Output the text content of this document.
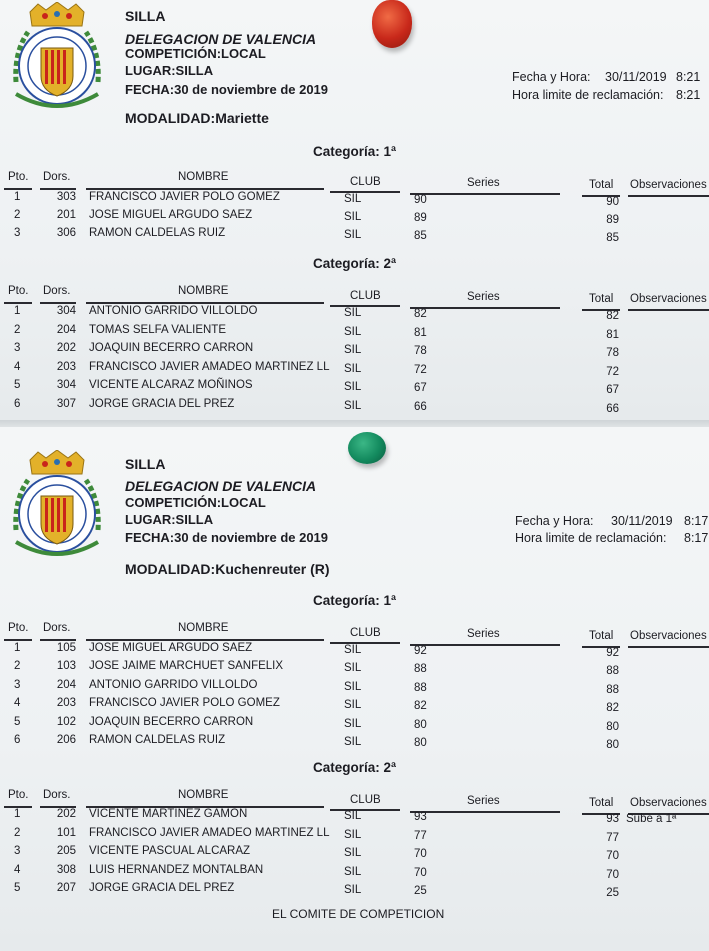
SILLA
DELEGACION DE VALENCIA
COMPETICIÓN:LOCAL
LUGAR:SILLA
FECHA:30 de noviembre de 2019
MODALIDAD:Mariette
Fecha y Hora: 30/11/2019 8:21
Hora limite de reclamación: 8:21
Categoría: 1ª
Pto. Dors.	NOMBRE	CLUB	Series	Total Observaciones
1	303 FRANCISCO JAVIER POLO GOMEZ	SIL	90	90
2	201 JOSE MIGUEL ARGUDO SAEZ	SIL	89	89
3	306 RAMON CALDELAS RUIZ	SIL	85	85
Categoría: 2ª
Pto. Dors.	NOMBRE	CLUB	Series	Total Observaciones
1	304 ANTONIO GARRIDO VILLOLDO	SIL	82	82
2	204 TOMAS SELFA VALIENTE	SIL	81	81
3	202 JOAQUIN BECERRO CARRON	SIL	78	78
4	203 FRANCISCO JAVIER AMADEO MARTINEZ LL SIL	72	72
5	304 VICENTE ALCARAZ MOÑINOS	SIL	67	67
6	307 JORGE GRACIA DEL PREZ	SIL	66	66
SILLA
DELEGACION DE VALENCIA
COMPETICIÓN:LOCAL
LUGAR:SILLA
FECHA:30 de noviembre de 2019
MODALIDAD:Kuchenreuter (R)
Fecha y Hora: 30/11/2019 8:17
Hora limite de reclamación: 8:17
Categoría: 1ª
Pto. Dors.	NOMBRE	CLUB	Series	Total Observaciones
1	105 JOSE MIGUEL ARGUDO SAEZ	SIL	92	92
2	103 JOSE JAIME MARCHUET SANFELIX	SIL	88	88
3	204 ANTONIO GARRIDO VILLOLDO	SIL	88	88
4	203 FRANCISCO JAVIER POLO GOMEZ	SIL	82	82
5	102 JOAQUIN BECERRO CARRON	SIL	80	80
6	206 RAMON CALDELAS RUIZ	SIL	80	80
Categoría: 2ª
Pto. Dors.	NOMBRE	CLUB	Series	Total Observaciones
1	202 VICENTE MARTINEZ GAMON	SIL	93	93 Sube a 1ª
2	101 FRANCISCO JAVIER AMADEO MARTINEZ LL SIL	77	77
3	205 VICENTE PASCUAL ALCARAZ	SIL	70	70
4	308 LUIS HERNANDEZ MONTALBAN	SIL	70	70
5	207 JORGE GRACIA DEL PREZ	SIL	25	25
EL COMITE DE COMPETICION
